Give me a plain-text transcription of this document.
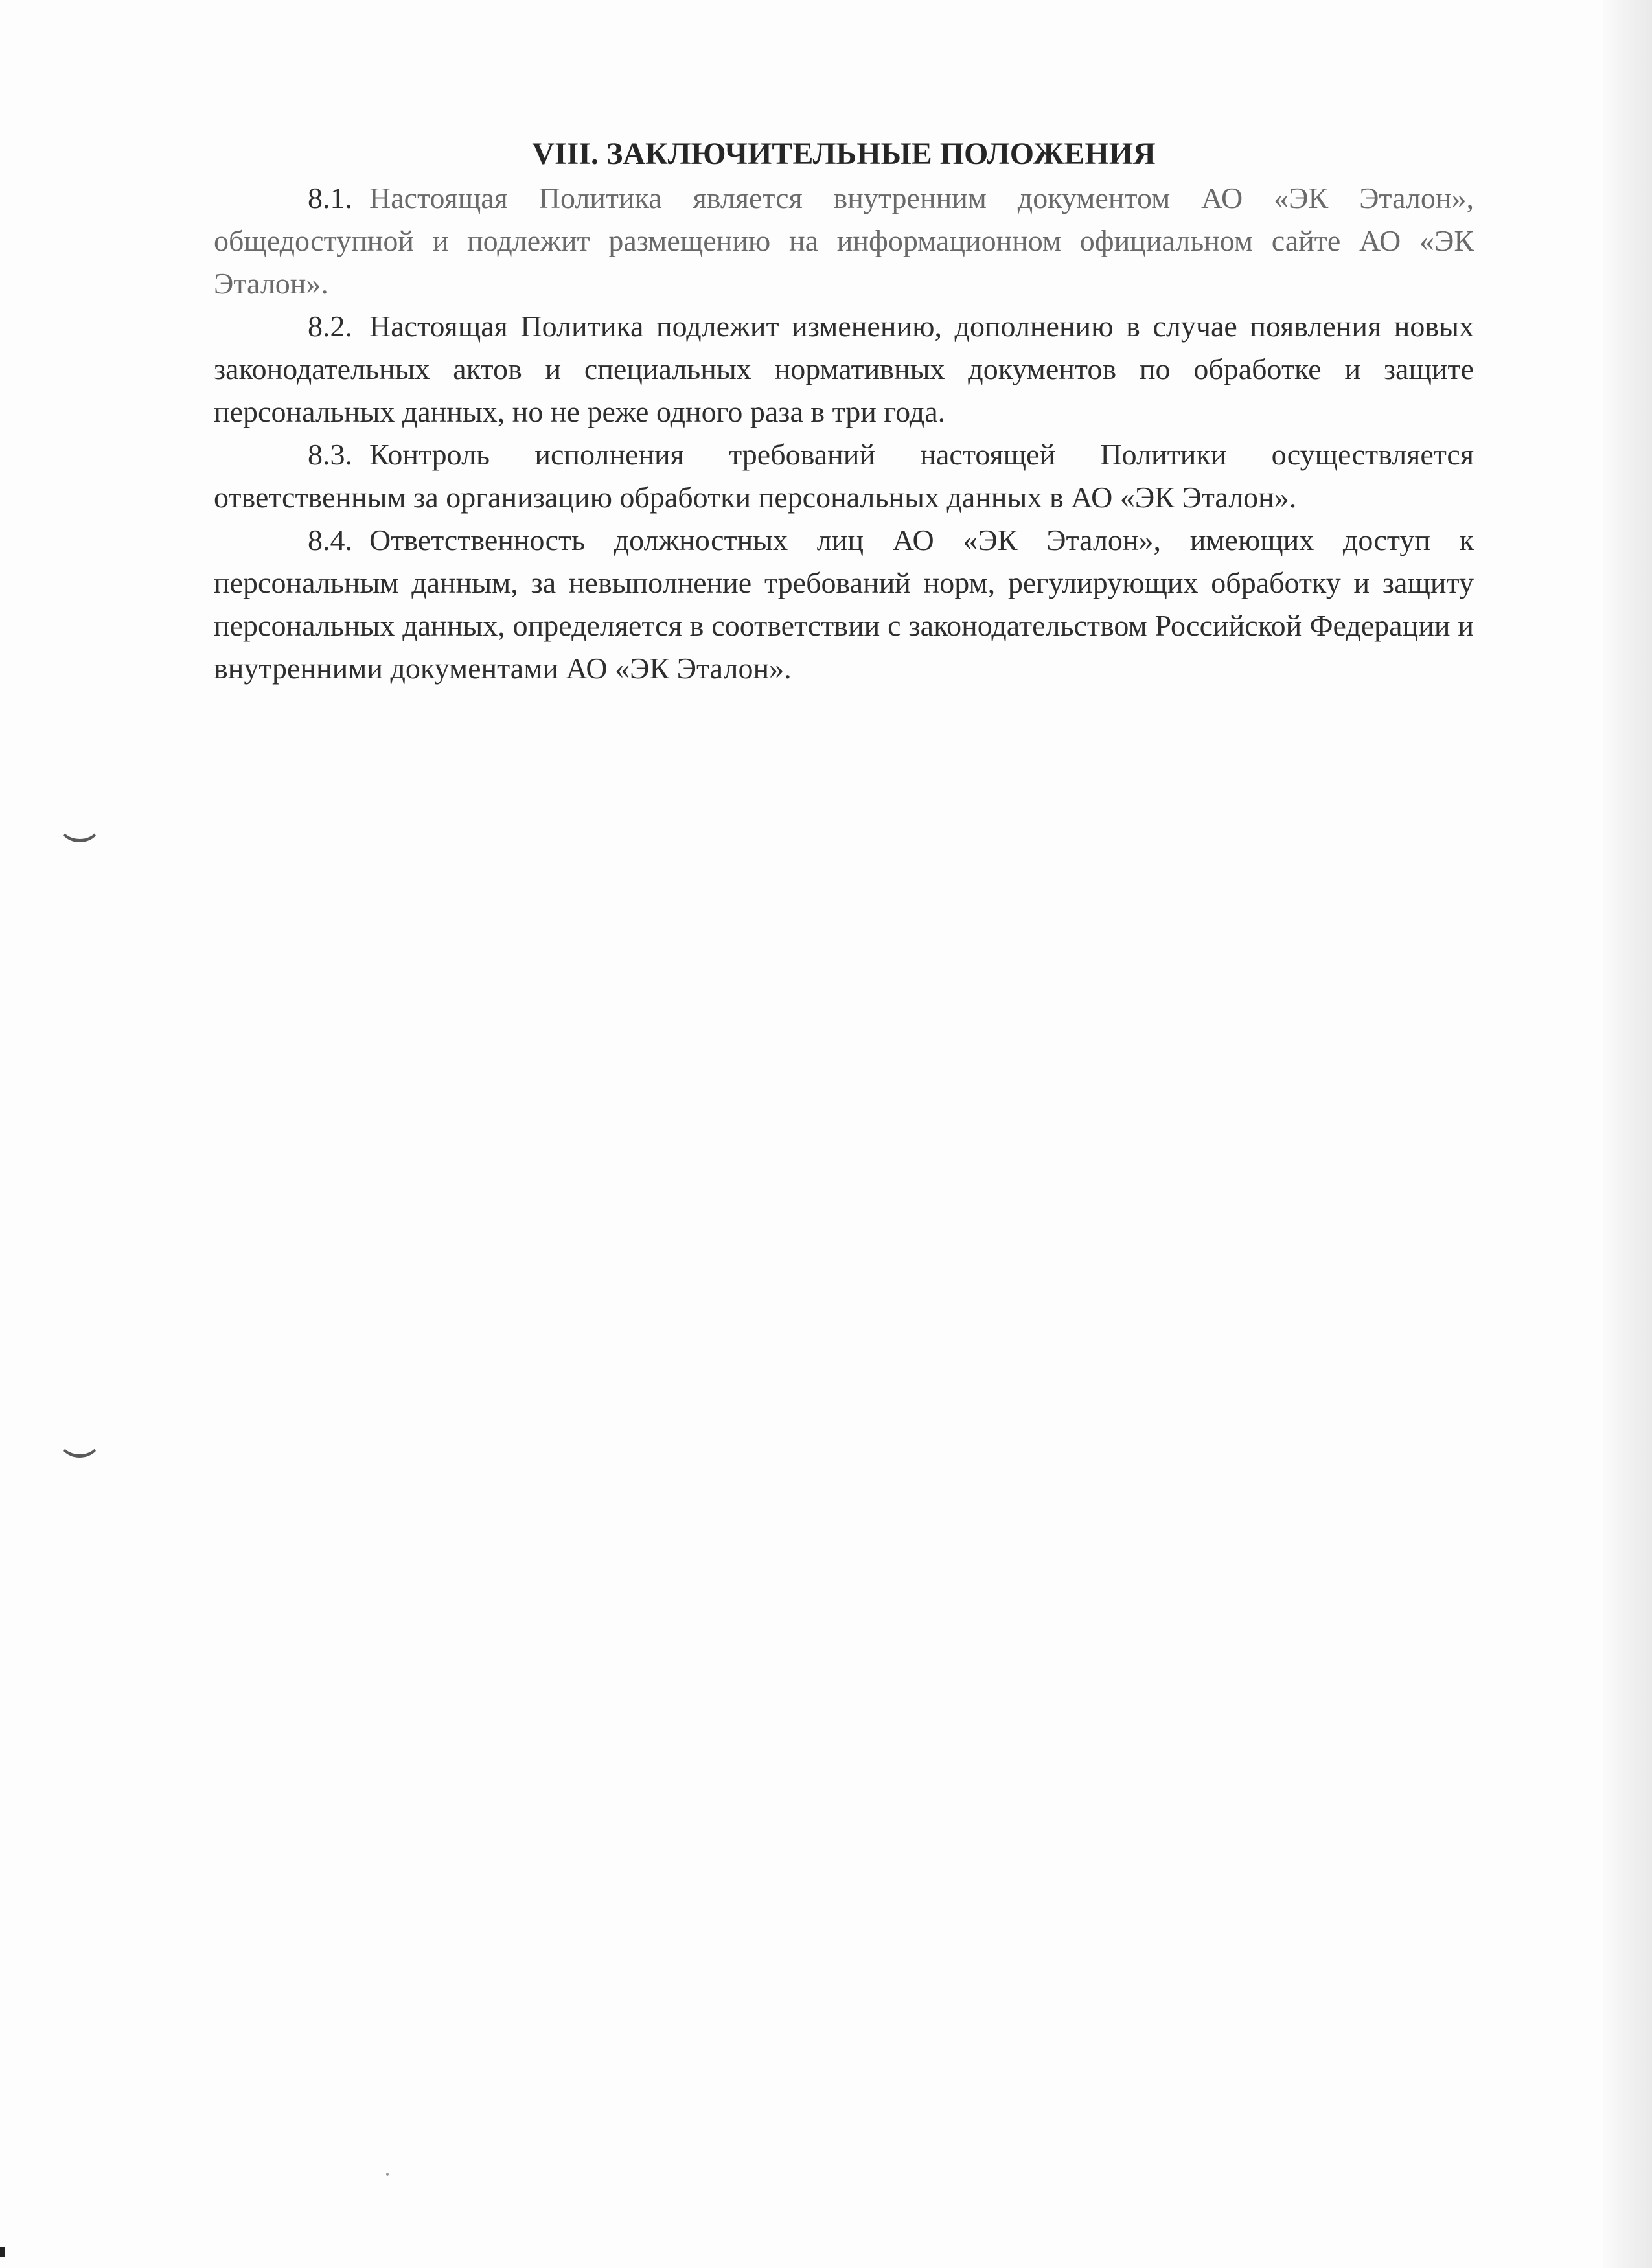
VIII. ЗАКЛЮЧИТЕЛЬНЫЕ ПОЛОЖЕНИЯ

8.1. Настоящая Политика является внутренним документом АО «ЭК Эталон», общедоступной и подлежит размещению на информационном официальном сайте АО «ЭК Эталон».

8.2. Настоящая Политика подлежит изменению, дополнению в случае появления новых законодательных актов и специальных нормативных документов по обработке и защите персональных данных, но не реже одного раза в три года.

8.3. Контроль исполнения требований настоящей Политики осуществляется ответственным за организацию обработки персональных данных в АО «ЭК Эталон».

8.4. Ответственность должностных лиц АО «ЭК Эталон», имеющих доступ к персональным данным, за невыполнение требований норм, регулирующих обработку и защиту персональных данных, определяется в соответствии с законодательством Российской Федерации и внутренними документами АО «ЭК Эталон».
